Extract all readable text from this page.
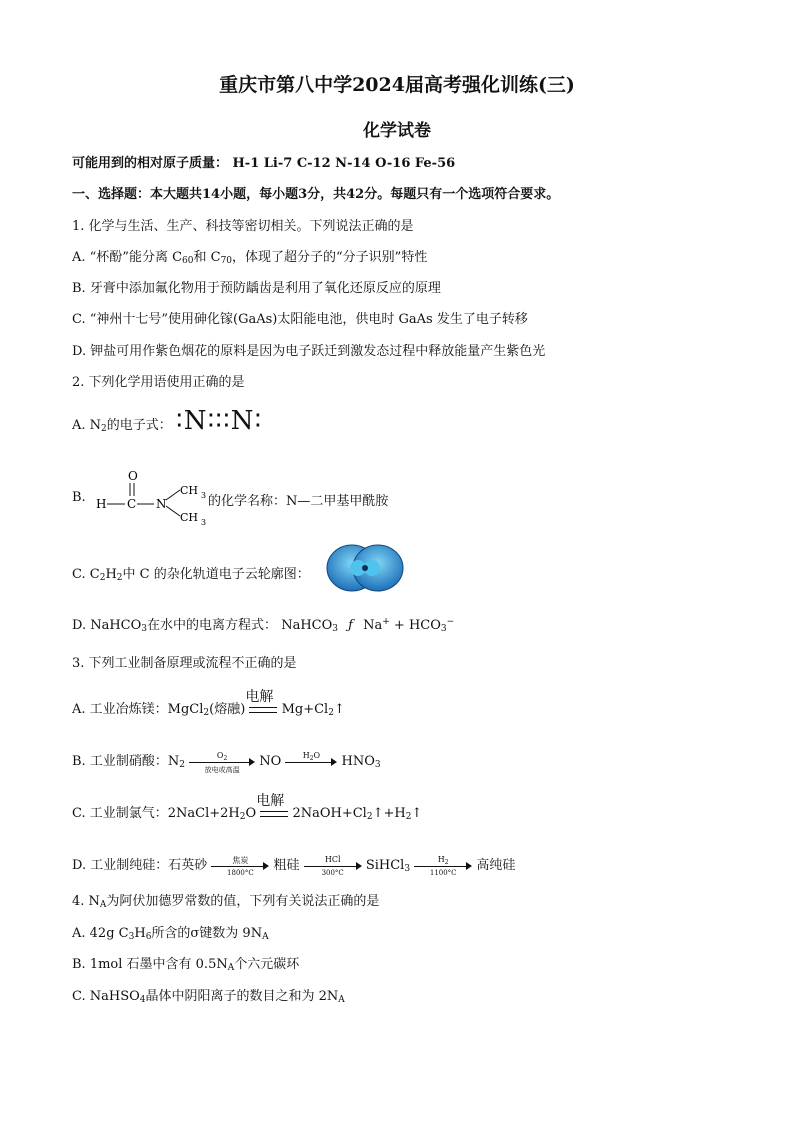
重庆市第八中学2024届高考强化训练(三)
化学试卷
可能用到的相对原子质量： H-1 Li-7 C-12 N-14 O-16 Fe-56
一、选择题：本大题共14小题，每小题3分，共42分。每题只有一个选项符合要求。
1. 化学与生活、生产、科技等密切相关。下列说法正确的是
A. “杯酚”能分离 $C_{60}$和 $C_{70}$，体现了超分子的“分子识别”特性
B. 牙膏中添加氟化物用于预防龋齿是利用了氧化还原反应的原理
C. “神州十七号”使用砷化镓(GaAs)太阳能电池，供电时 GaAs 发生了电子转移
D. 钾盐可用作紫色烟花的原料是因为电子跃迁到激发态过程中释放能量产生紫色光
2. 下列化学用语使用正确的是
A. $N_2$的电子式： ∶N∶∶∶N∶
B.
O
H C N
CH 3
CH 3
的化学名称：N—二甲基甲酰胺
C. $C_2H_2$中 C 的杂化轨道电子云轮廓图：
D. NaHCO$_3$在水中的电离方程式： NaHCO$_3$ ƒ $Na^+ + HCO_3^-$
3. 下列工业制备原理或流程不正确的是
A. 工业冶炼镁：MgCl$_2$(熔融)
电解
$Mg+Cl_2↑$
B. 工业制硝酸：$N_2$
$O_2$
放电或高温
NO	$H_2O$	$HNO_3$
C. 工业制氯气：$2NaCl+2H_2O$
电解
$2NaOH+Cl_2↑+H_2↑$
D. 工业制纯硅：石英砂	焦炭
1800°C	粗硅	HCl
300°C	SiHCl$_3$
$H_2$
1100°C	高纯硅
4. $N_A$为阿伏加德罗常数的值，下列有关说法正确的是
A. 42g $C_3H_6$所含的σ键数为 $9N_A$
B. 1mol 石墨中含有 $0.5N_A$个六元碳环
C. NaHSO$_4$晶体中阴阳离子的数目之和为 $2N_A$
